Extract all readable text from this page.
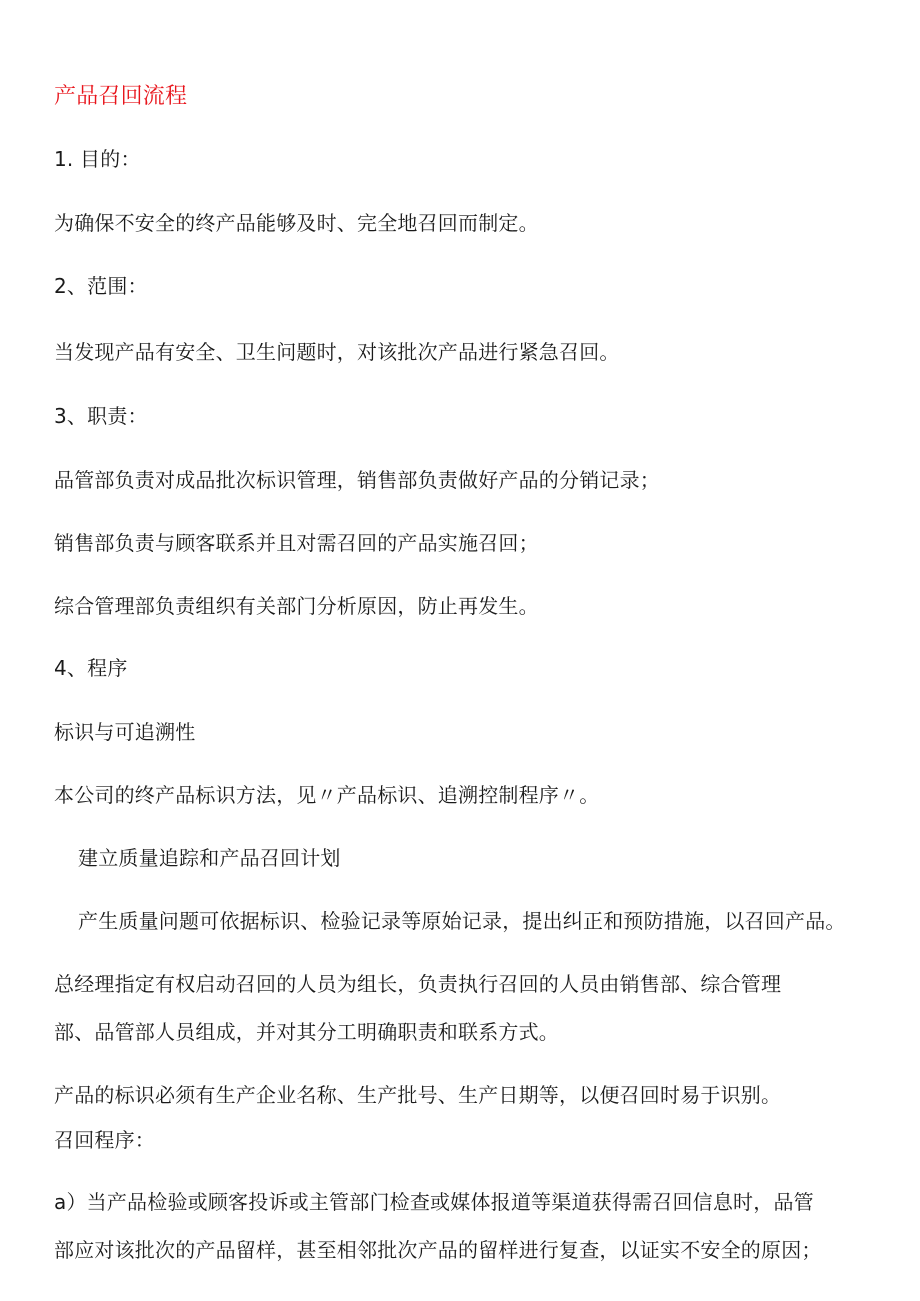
产品召回流程
1. 目的：
为确保不安全的终产品能够及时、完全地召回而制定。
2、范围：
当发现产品有安全、卫生问题时，对该批次产品进行紧急召回。
3、职责：
品管部负责对成品批次标识管理，销售部负责做好产品的分销记录；
销售部负责与顾客联系并且对需召回的产品实施召回；
综合管理部负责组织有关部门分析原因，防止再发生。
4、程序
标识与可追溯性
本公司的终产品标识方法，见〃产品标识、追溯控制程序〃。
建立质量追踪和产品召回计划
产生质量问题可依据标识、检验记录等原始记录，提出纠正和预防措施，以召回产品。
总经理指定有权启动召回的人员为组长，负责执行召回的人员由销售部、综合管理
部、品管部人员组成，并对其分工明确职责和联系方式。
产品的标识必须有生产企业名称、生产批号、生产日期等，以便召回时易于识别。
召回程序：
a）当产品检验或顾客投诉或主管部门检查或媒体报道等渠道获得需召回信息时，品管
部应对该批次的产品留样，甚至相邻批次产品的留样进行复查，以证实不安全的原因；
